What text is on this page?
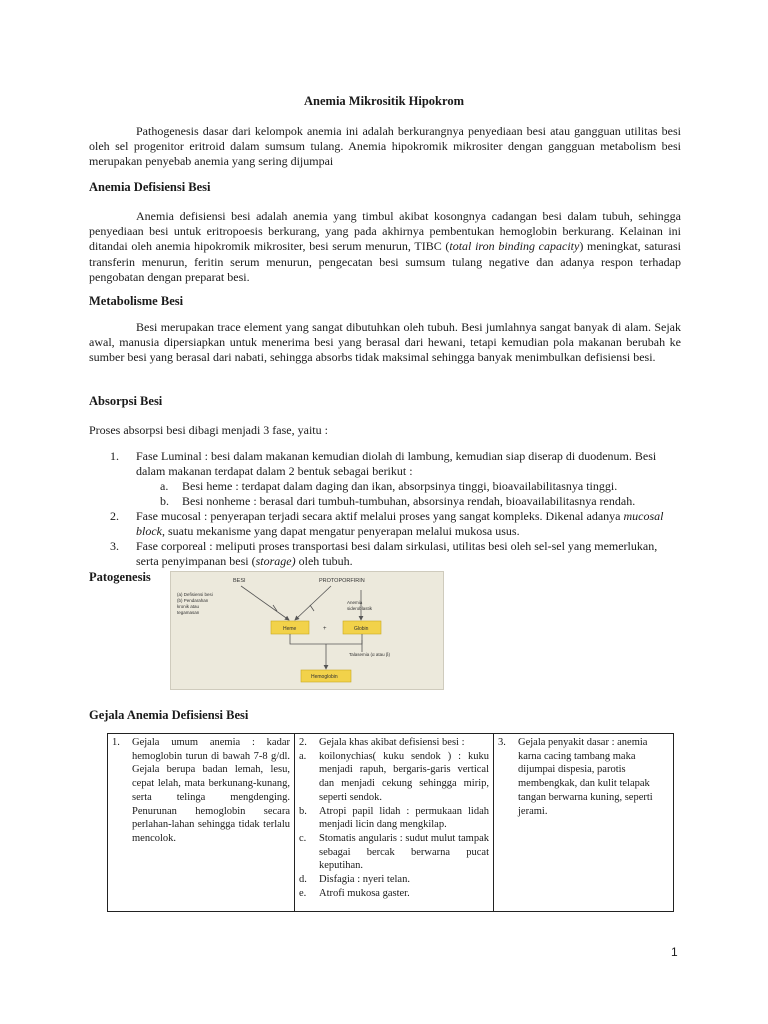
Anemia Mikrositik Hipokrom
Pathogenesis dasar dari kelompok anemia ini adalah berkurangnya penyediaan besi atau gangguan utilitas besi oleh sel progenitor eritroid dalam sumsum tulang. Anemia hipokromik mikrositer dengan gangguan metabolism besi merupakan penyebab anemia yang sering dijumpai
Anemia Defisiensi Besi
Anemia defisiensi besi adalah anemia yang timbul akibat kosongnya cadangan besi dalam tubuh, sehingga penyediaan besi untuk eritropoesis berkurang, yang pada akhirnya pembentukan hemoglobin berkurang. Kelainan ini ditandai oleh anemia hipokromik mikrositer, besi serum menurun, TIBC (total iron binding capacity) meningkat, saturasi transferin menurun, feritin serum menurun, pengecatan besi sumsum tulang negative dan adanya respon terhadap pengobatan dengan preparat besi.
Metabolisme Besi
Besi merupakan trace element yang sangat dibutuhkan oleh tubuh. Besi jumlahnya sangat banyak di alam. Sejak awal, manusia dipersiapkan untuk menerima besi yang berasal dari hewani, tetapi kemudian pola makanan berubah ke sumber besi yang berasal dari nabati, sehingga absorbs tidak maksimal sehingga banyak menimbulkan defisiensi besi.
Absorpsi Besi
Proses absorpsi besi dibagi menjadi 3 fase, yaitu :
1.	Fase Luminal : besi dalam makanan kemudian diolah di lambung, kemudian siap diserap di duodenum. Besi dalam makanan terdapat dalam 2 bentuk sebagai berikut :
a.	Besi heme : terdapat dalam daging dan ikan, absorpsinya tinggi, bioavailabilitasnya tinggi.
b.	Besi nonheme : berasal dari tumbuh-tumbuhan, absorsinya rendah, bioavailabilitasnya rendah.
2.	Fase mucosal : penyerapan terjadi secara aktif melalui proses yang sangat kompleks. Dikenal adanya mucosal block, suatu mekanisme yang dapat mengatur penyerapan melalui mukosa usus.
3.	Fase corporeal : meliputi proses transportasi besi dalam sirkulasi, utilitas besi oleh sel-sel yang memerlukan, serta penyimpanan besi (storage) oleh tubuh.
Patogenesis	BESI	PROTOPORFIRIN
(a) Defisiensi besi
(b) Pendarahan
kronik atau
tegamasan
Anemia
sideroblastik
Heme	+	Globin
Talasemia (α atau β)
Hemoglobin
Gejala Anemia Defisiensi Besi
1.	Gejala umum anemia : kadar hemoglobin turun di bawah 7-8 g/dl. Gejala berupa badan lemah, lesu, cepat lelah, mata berkunang-kunang, serta telinga mengdenging. Penurunan hemoglobin secara perlahan-lahan sehingga tidak terlalu mencolok.
2.	Gejala khas akibat defisiensi besi :
a.	koilonychias( kuku sendok ) : kuku menjadi rapuh, bergaris-garis vertical dan menjadi cekung sehingga mirip, seperti sendok.
b.	Atropi papil lidah : permukaan lidah menjadi licin dang mengkilap.
c.	Stomatis angularis : sudut mulut tampak sebagai bercak berwarna pucat keputihan.
d.	Disfagia : nyeri telan.
e.	Atrofi mukosa gaster.
3.	Gejala penyakit dasar : anemia karna cacing tambang maka dijumpai dispesia, parotis membengkak, dan kulit telapak tangan berwarna kuning, seperti jerami.
1
